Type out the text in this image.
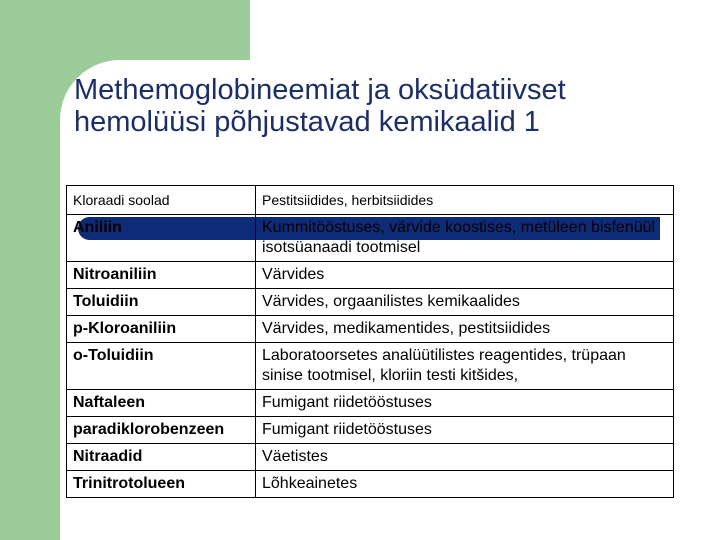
Methemoglobineemiat ja oksüdatiivset
hemolüüsi põhjustavad kemikaalid 1
Kloraadi soolad	Pestitsiidides, herbitsiidides
Aniliin	Kummitööstuses, värvide koostises, metüleen bisfenüül isotsüanaadi tootmisel
Nitroaniliin	Värvides
Toluidiin	Värvides, orgaanilistes kemikaalides
p-Kloroaniliin	Värvides, medikamentides, pestitsiidides
o-Toluidiin	Laboratoorsetes analüütilistes reagentides, trüpaan sinise tootmisel, kloriin testi kitšides,
Naftaleen	Fumigant riidetööstuses
paradiklorobenzeen	Fumigant riidetööstuses
Nitraadid	Väetistes
Trinitrotolueen	Lõhkeainetes
